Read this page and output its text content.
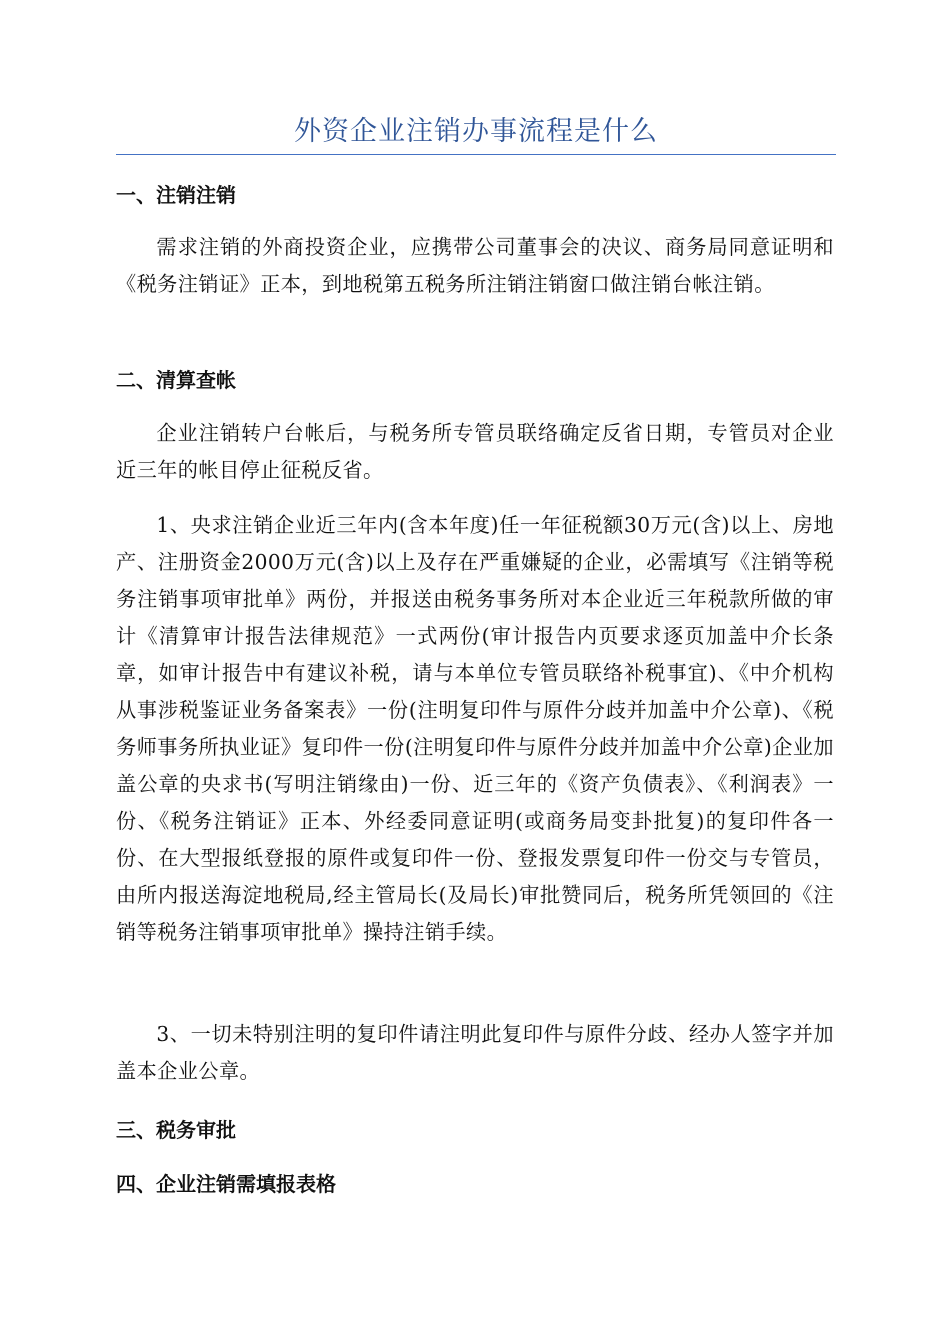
外资企业注销办事流程是什么
一、注销注销
需求注销的外商投资企业，应携带公司董事会的决议、商务局同意证明和《税务注销证》正本，到地税第五税务所注销注销窗口做注销台帐注销。
二、清算查帐
企业注销转户台帐后，与税务所专管员联络确定反省日期，专管员对企业近三年的帐目停止征税反省。
1、央求注销企业近三年内(含本年度)任一年征税额30万元(含)以上、房地产、注册资金2000万元(含)以上及存在严重嫌疑的企业，必需填写《注销等税务注销事项审批单》两份，并报送由税务事务所对本企业近三年税款所做的审计《清算审计报告法律规范》一式两份(审计报告内页要求逐页加盖中介长条章，如审计报告中有建议补税，请与本单位专管员联络补税事宜)、《中介机构从事涉税鉴证业务备案表》一份(注明复印件与原件分歧并加盖中介公章)、《税务师事务所执业证》复印件一份(注明复印件与原件分歧并加盖中介公章)企业加盖公章的央求书(写明注销缘由)一份、近三年的《资产负债表》、《利润表》一份、《税务注销证》正本、外经委同意证明(或商务局变卦批复)的复印件各一份、在大型报纸登报的原件或复印件一份、登报发票复印件一份交与专管员，由所内报送海淀地税局,经主管局长(及局长)审批赞同后，税务所凭领回的《注销等税务注销事项审批单》操持注销手续。
3、一切未特别注明的复印件请注明此复印件与原件分歧、经办人签字并加盖本企业公章。
三、税务审批
四、企业注销需填报表格
